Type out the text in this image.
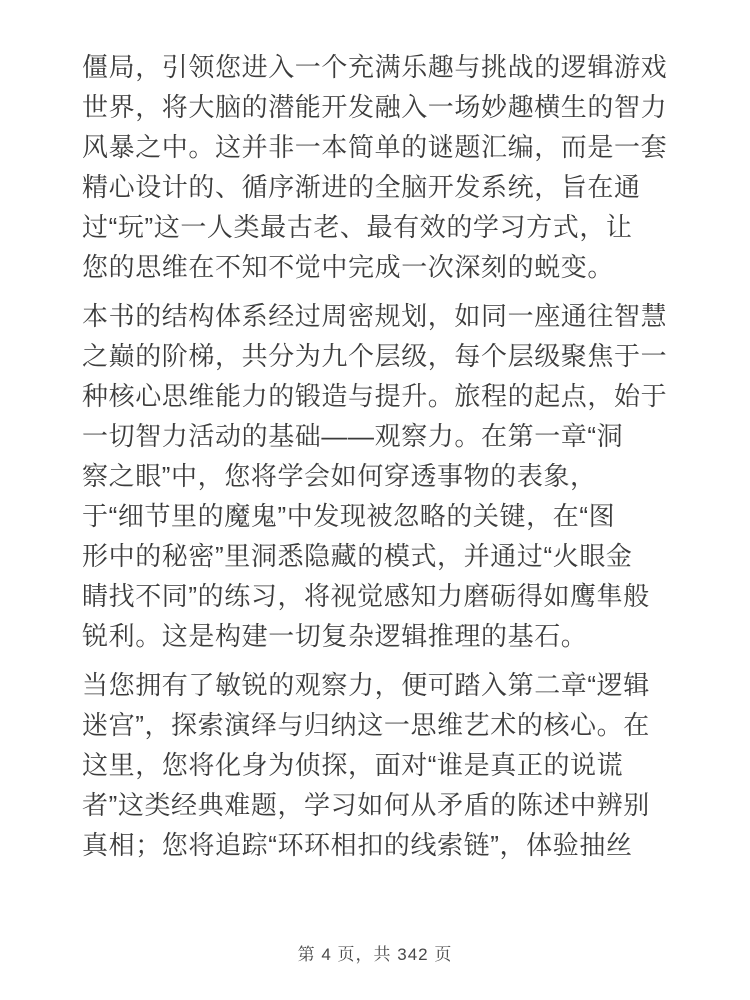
僵局，引领您进入一个充满乐趣与挑战的逻辑游戏
世界，将大脑的潜能开发融入一场妙趣横生的智力
风暴之中。这并非一本简单的谜题汇编，而是一套
精心设计的、循序渐进的全脑开发系统，旨在通
过“玩”这一人类最古老、最有效的学习方式，让
您的思维在不知不觉中完成一次深刻的蜕变。

本书的结构体系经过周密规划，如同一座通往智慧
之巅的阶梯，共分为九个层级，每个层级聚焦于一
种核心思维能力的锻造与提升。旅程的起点，始于
一切智力活动的基础——观察力。在第一章“洞
察之眼”中，您将学会如何穿透事物的表象，
于“细节里的魔鬼”中发现被忽略的关键，在“图
形中的秘密”里洞悉隐藏的模式，并通过“火眼金
睛找不同”的练习，将视觉感知力磨砺得如鹰隼般
锐利。这是构建一切复杂逻辑推理的基石。

当您拥有了敏锐的观察力，便可踏入第二章“逻辑
迷宫”，探索演绎与归纳这一思维艺术的核心。在
这里，您将化身为侦探，面对“谁是真正的说谎
者”这类经典难题，学习如何从矛盾的陈述中辨别
真相；您将追踪“环环相扣的线索链”，体验抽丝

第 4 页，共 342 页
